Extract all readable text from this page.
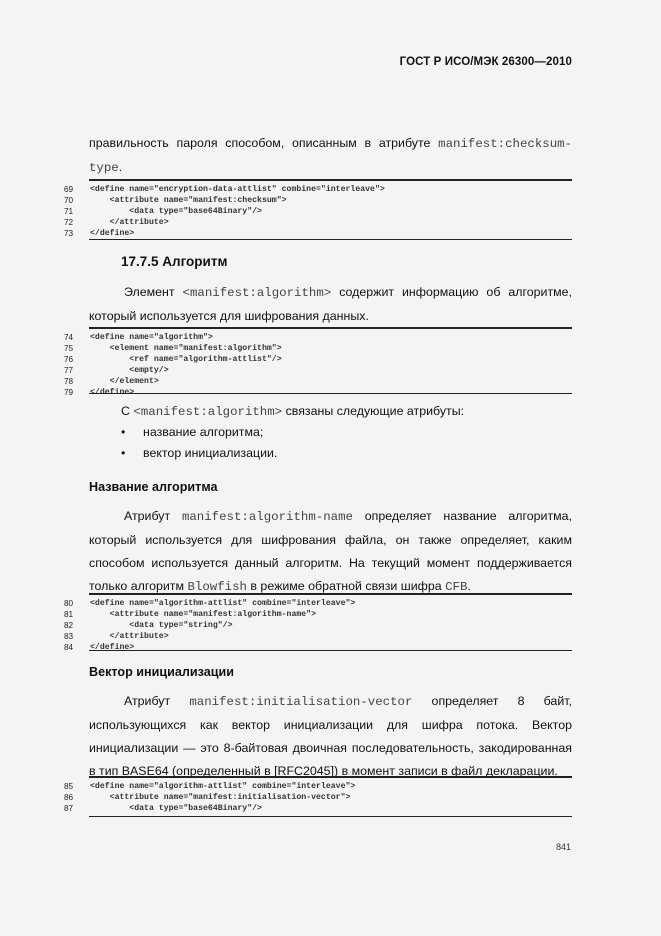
ГОСТ Р ИСО/МЭК 26300—2010
правильность пароля способом, описанным в атрибуте manifest:checksum-type.
69	<define name="encryption-data-attlist" combine="interleave">
70	<attribute name="manifest:checksum">
71	<data type="base64Binary"/>
72	</attribute>
73	</define>
17.7.5 Алгоритм
Элемент <manifest:algorithm> содержит информацию об алгоритме, который используется для шифрования данных.
74	<define name="algorithm">
75	<element name="manifest:algorithm">
76	<ref name="algorithm-attlist"/>
77	<empty/>
78	</element>
79	</define>
С <manifest:algorithm> связаны следующие атрибуты:
• название алгоритма;
• вектор инициализации.
Название алгоритма
Атрибут manifest:algorithm-name определяет название алгоритма, который используется для шифрования файла, он также определяет, каким способом используется данный алгоритм. На текущий момент поддерживается только алгоритм Blowfish в режиме обратной связи шифра CFB.
80	<define name="algorithm-attlist" combine="interleave">
81	<attribute name="manifest:algorithm-name">
82	<data type="string"/>
83	</attribute>
84	</define>
Вектор инициализации
Атрибут manifest:initialisation-vector определяет 8 байт, использующихся как вектор инициализации для шифра потока. Вектор инициализации — это 8-байтовая двоичная последовательность, закодированная в тип BASE64 (определенный в [RFC2045]) в момент записи в файл декларации.
85	<define name="algorithm-attlist" combine="interleave">
86	<attribute name="manifest:initialisation-vector">
87	<data type="base64Binary"/>
841
